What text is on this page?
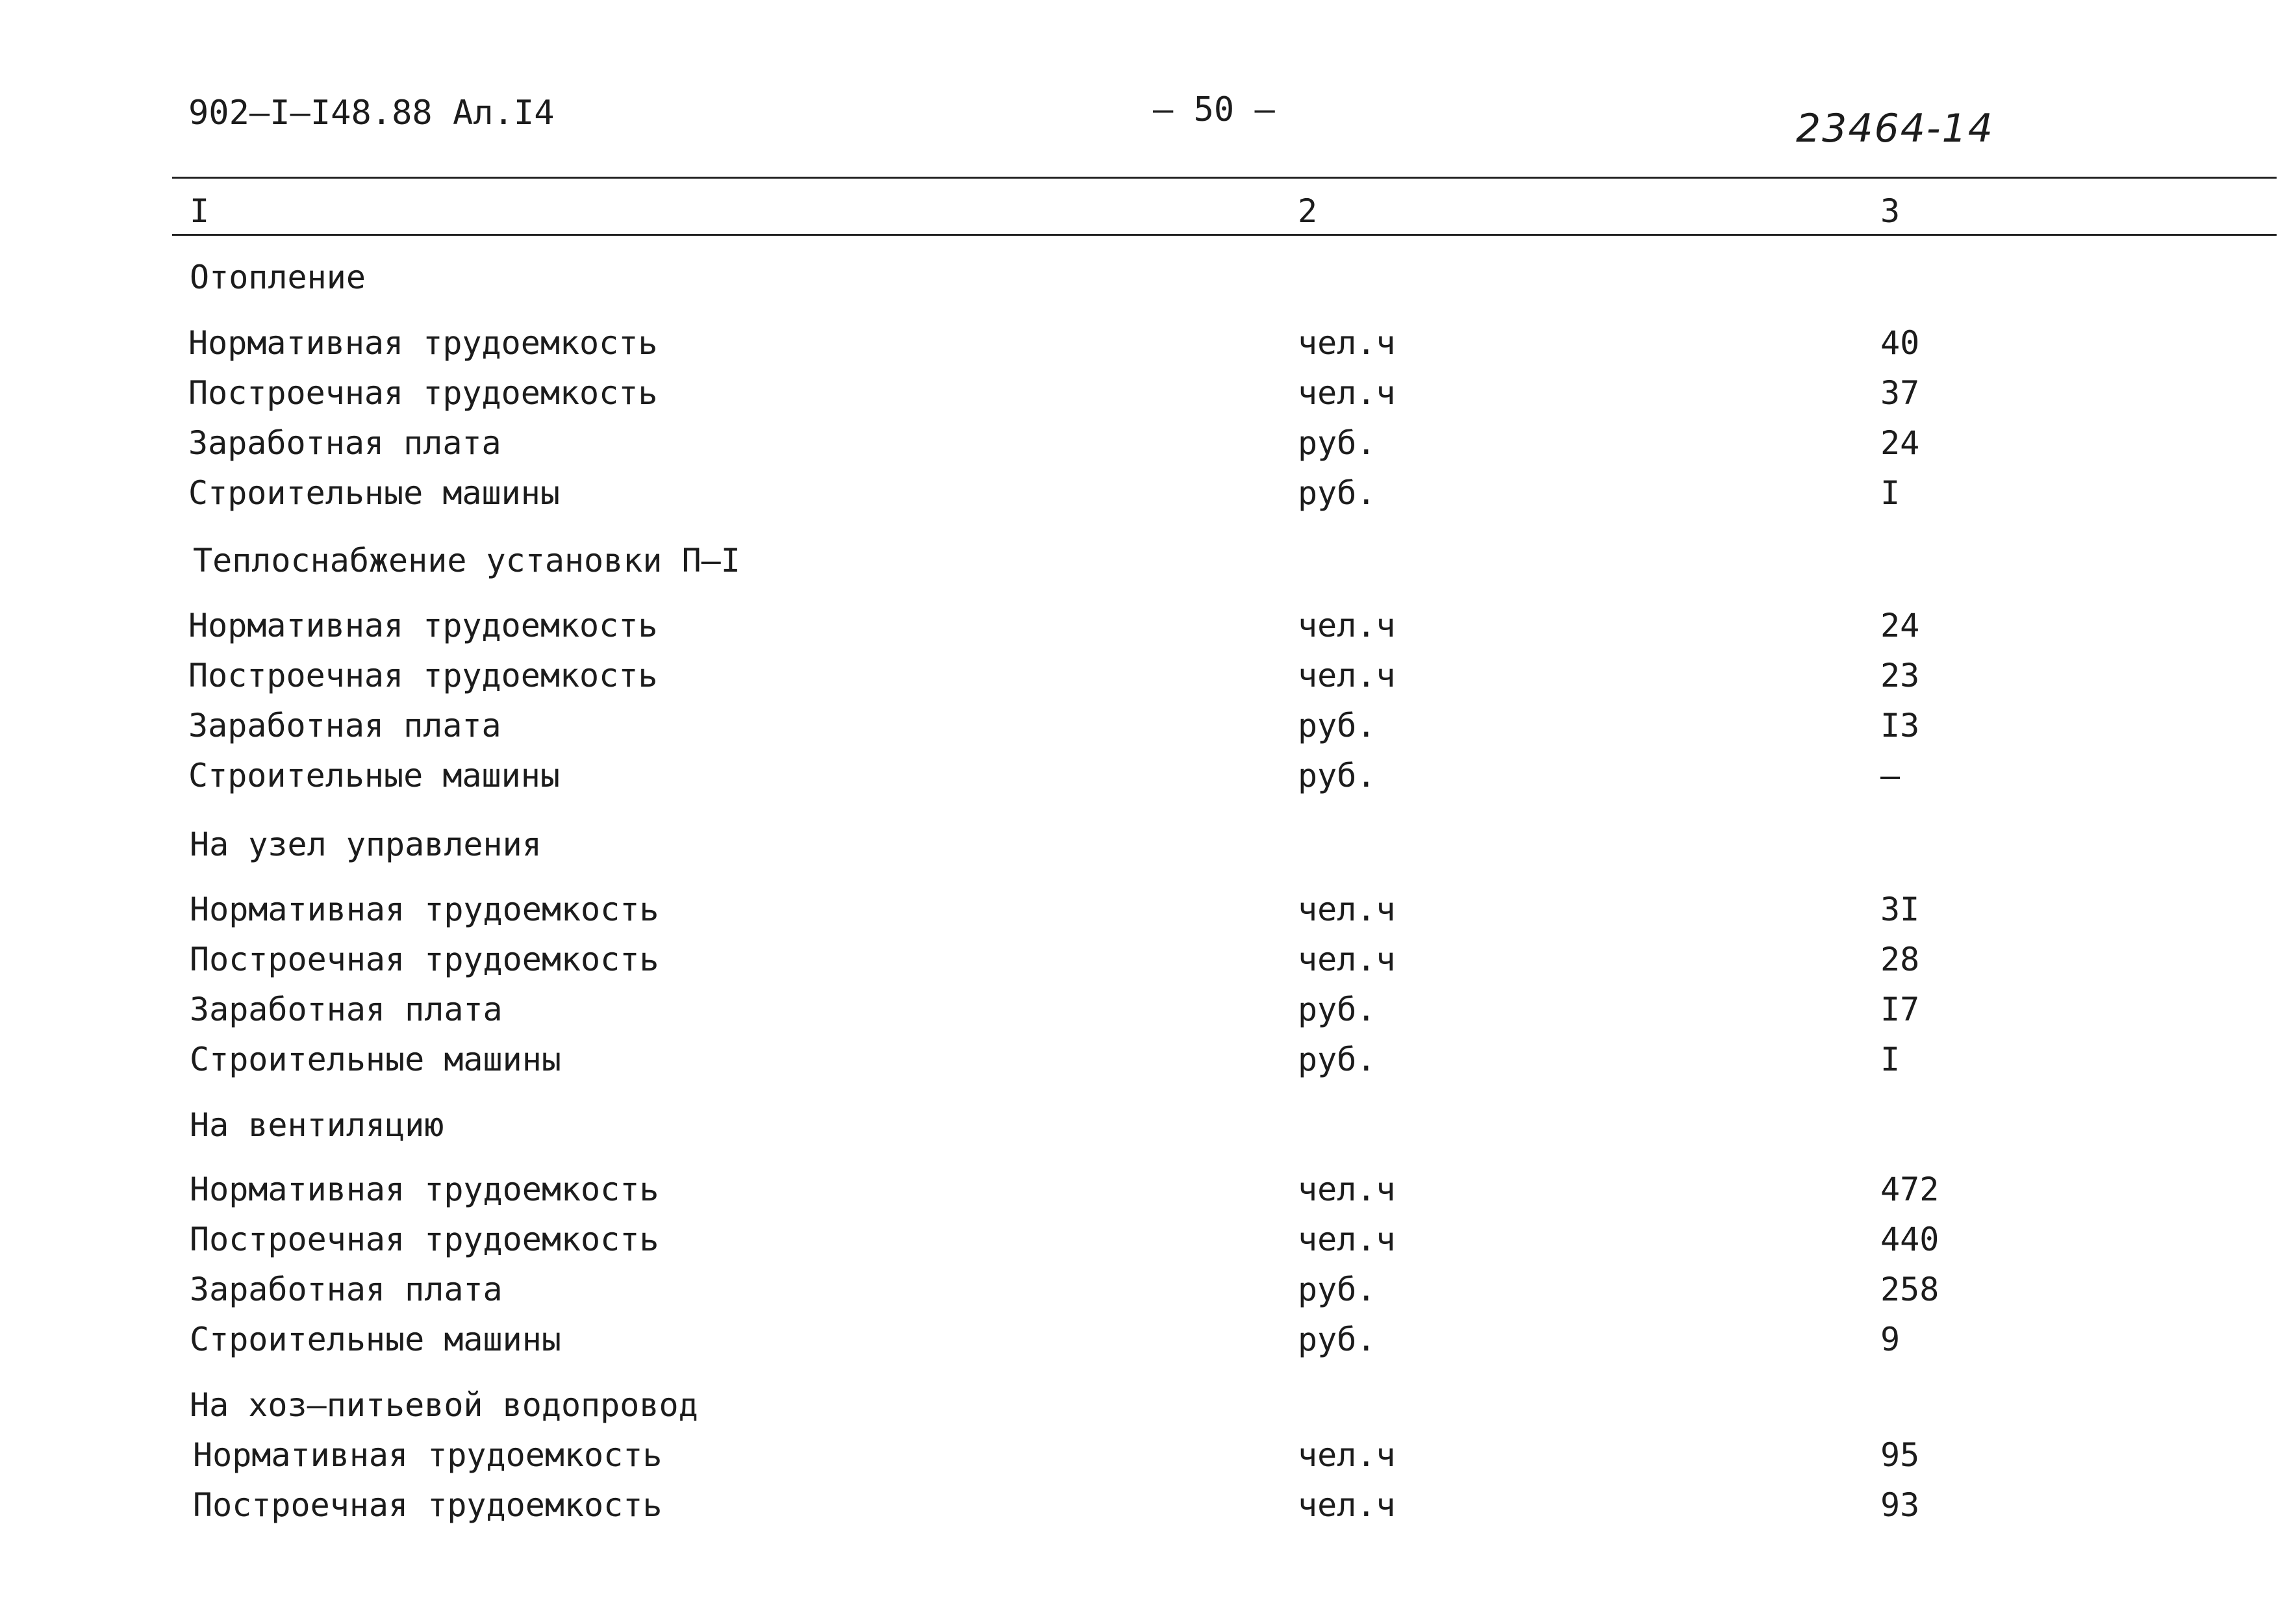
902–I–I48.88 Ал.I4	– 50 –	23464-14
I	2	3
Отопление
Нормативная трудоемкость	чел.ч	40
Построечная трудоемкость	чел.ч	37
Заработная плата	руб.	24
Строительные машины	руб.	I
Теплоснабжение установки П–I
Нормативная трудоемкость	чел.ч	24
Построечная трудоемкость	чел.ч	23
Заработная плата	руб.	I3
Строительные машины	руб.	–
На узел управления
Нормативная трудоемкость	чел.ч	3I
Построечная трудоемкость	чел.ч	28
Заработная плата	руб.	I7
Строительные машины	руб.	I
На вентиляцию
Нормативная трудоемкость	чел.ч	472
Построечная трудоемкость	чел.ч	440
Заработная плата	руб.	258
Строительные машины	руб.	9
На хоз–питьевой водопровод
Нормативная трудоемкость	чел.ч	95
Построечная трудоемкость	чел.ч	93
